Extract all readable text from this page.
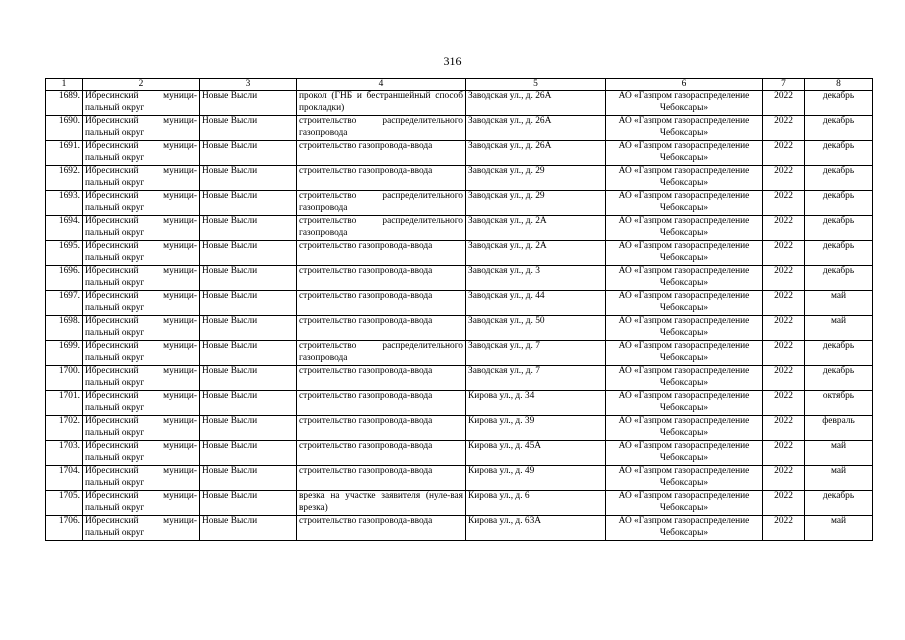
316
1	2	3	4	5	6	7	8
1689.	Ибресинский муници-пальный округ	Новые Высли	прокол (ГНБ и бестраншейный способ прокладки)	Заводская ул., д. 26А	АО «Газпром газораспределение Чебоксары»	2022	декабрь
1690.	Ибресинский муници-пальный округ	Новые Высли	строительство распределительного газопровода	Заводская ул., д. 26А	АО «Газпром газораспределение Чебоксары»	2022	декабрь
1691.	Ибресинский муници-пальный округ	Новые Высли	строительство газопровода-ввода	Заводская ул., д. 26А	АО «Газпром газораспределение Чебоксары»	2022	декабрь
1692.	Ибресинский муници-пальный округ	Новые Высли	строительство газопровода-ввода	Заводская ул., д. 29	АО «Газпром газораспределение Чебоксары»	2022	декабрь
1693.	Ибресинский муници-пальный округ	Новые Высли	строительство распределительного газопровода	Заводская ул., д. 29	АО «Газпром газораспределение Чебоксары»	2022	декабрь
1694.	Ибресинский муници-пальный округ	Новые Высли	строительство распределительного газопровода	Заводская ул., д. 2А	АО «Газпром газораспределение Чебоксары»	2022	декабрь
1695.	Ибресинский муници-пальный округ	Новые Высли	строительство газопровода-ввода	Заводская ул., д. 2А	АО «Газпром газораспределение Чебоксары»	2022	декабрь
1696.	Ибресинский муници-пальный округ	Новые Высли	строительство газопровода-ввода	Заводская ул., д. 3	АО «Газпром газораспределение Чебоксары»	2022	декабрь
1697.	Ибресинский муници-пальный округ	Новые Высли	строительство газопровода-ввода	Заводская ул., д. 44	АО «Газпром газораспределение Чебоксары»	2022	май
1698.	Ибресинский муници-пальный округ	Новые Высли	строительство газопровода-ввода	Заводская ул., д. 50	АО «Газпром газораспределение Чебоксары»	2022	май
1699.	Ибресинский муници-пальный округ	Новые Высли	строительство распределительного газопровода	Заводская ул., д. 7	АО «Газпром газораспределение Чебоксары»	2022	декабрь
1700.	Ибресинский муници-пальный округ	Новые Высли	строительство газопровода-ввода	Заводская ул., д. 7	АО «Газпром газораспределение Чебоксары»	2022	декабрь
1701.	Ибресинский муници-пальный округ	Новые Высли	строительство газопровода-ввода	Кирова ул., д. 34	АО «Газпром газораспределение Чебоксары»	2022	октябрь
1702.	Ибресинский муници-пальный округ	Новые Высли	строительство газопровода-ввода	Кирова ул., д. 39	АО «Газпром газораспределение Чебоксары»	2022	февраль
1703.	Ибресинский муници-пальный округ	Новые Высли	строительство газопровода-ввода	Кирова ул., д. 45А	АО «Газпром газораспределение Чебоксары»	2022	май
1704.	Ибресинский муници-пальный округ	Новые Высли	строительство газопровода-ввода	Кирова ул., д. 49	АО «Газпром газораспределение Чебоксары»	2022	май
1705.	Ибресинский муници-пальный округ	Новые Высли	врезка на участке заявителя (нуле-вая врезка)	Кирова ул., д. 6	АО «Газпром газораспределение Чебоксары»	2022	декабрь
1706.	Ибресинский муници-пальный округ	Новые Высли	строительство газопровода-ввода	Кирова ул., д. 63А	АО «Газпром газораспределение Чебоксары»	2022	май
